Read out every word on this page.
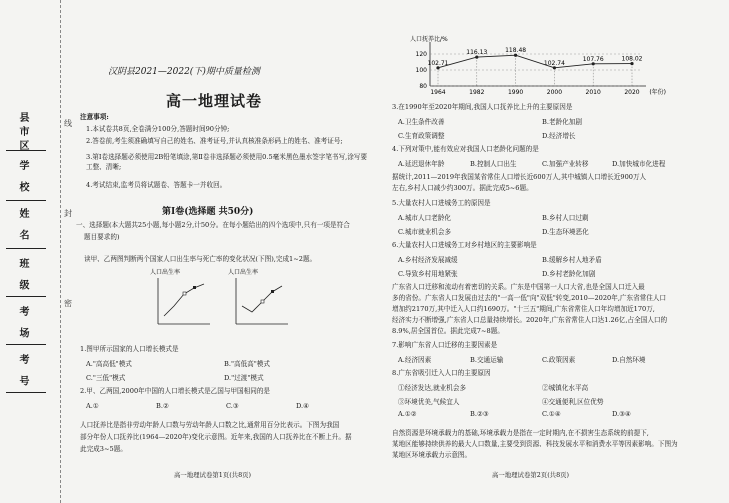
县市区
学 校
姓 名
班 级
考 场
考 号
线
封
密
汉阴县2021—2022(下)期中质量检测
高一地理试卷
注意事项:
1.本试卷共8页,全卷满分100分,答题时间90分钟;
2.答卷前,考生须准确填写自己的姓名、准考证号,并认真核准条形码上的姓名、准考证号;
3.第Ⅰ卷选择题必须使用2B铅笔填涂,第Ⅱ卷非选择题必须使用0.5毫米黑色墨水签字笔书写,涂写要工整、清晰;
4.考试结束,监考员将试题卷、答题卡一并收回。
第Ⅰ卷(选择题 共50分)
一、选择题(本大题共25小题,每小题2分,计50分。在每小题给出的四个选项中,只有一项是符合
题目要求的)
读甲、乙两图判断两个国家人口出生率与死亡率的变化状况(下图),完成1~2题。
人口出生率	人口出生率
1.图甲所示国家的人口增长模式是
A."高高低"模式	B."高低高"模式
C."三低"模式	D."过渡"模式
2.甲、乙两国,2000年中国的人口增长模式是乙国与甲国相同的是
A.①	B.②	C.③	D.④
人口抚养比是指非劳动年龄人口数与劳动年龄人口数之比,通常用百分比表示。下图为我国
部分年份人口抚养比(1964—2020年)变化示意图。近年来,我国的人口抚养比在不断上升。据
此完成3~5题。
高一地理试卷第1页(共8页)
人口抚养比/%
80
100
120
102.71
1964
116.13
1982
118.48
1990
102.74
2000
107.76
2010
108.02
2020 (年份)
3.在1990年至2020年期间,我国人口抚养比上升的主要原因是
A.卫生条件改善	B.老龄化加剧
C.生育政策调整	D.经济增长
4.下列对策中,能有效应对我国人口老龄化问题的是
A.延迟退休年龄	B.控制人口出生	C.加强产业转移	D.加快城市化进程
据统计,2011—2019年我国某省常住人口增长近600万人,其中城镇人口增长近900万人
左右,乡村人口减少约300万。据此完成5~6题。
5.大量农村人口进城务工的原因是
A.城市人口老龄化	B.乡村人口过剩
C.城市就业机会多	D.生态环境恶化
6.大量农村人口进城务工对乡村地区的主要影响是
A.乡村经济发展减缓	B.缓解乡村人地矛盾
C.导致乡村用地紧张	D.乡村老龄化加剧
广东省人口迁移和流动有着密切的关系。广东是中国第一人口大省,也是全国人口迁入最
多的省份。广东省人口发展由过去的"一高一低"向"双低"转变,2010—2020年,广东省常住人口
增加约2170万,其中迁入人口约1690万。"十三五"期间,广东省常住人口年均增加近170万,
经济实力不断增强,广东省人口总量持续增长。2020年,广东省常住人口达1.26亿,占全国人口的
8.9%,居全国首位。据此完成7~8题。
7.影响广东省人口迁移的主要因素是
A.经济因素	B.交通运输	C.政策因素	D.自然环境
8.广东省吸引迁入人口的主要原因
①经济发达,就业机会多	②城镇化水平高
③环境优美,气候宜人	④交通便利,区位优势
A.①②	B.②③	C.①④	D.③④
自然资源是环境承载力的基础,环境承载力是指在一定时期内,在不损害生态系统的前提下,
某地区能够持续供养的最大人口数量,主要受到资源、科技发展水平和消费水平等因素影响。下图为
某地区环境承载力示意图。
高一地理试卷第2页(共8页)
